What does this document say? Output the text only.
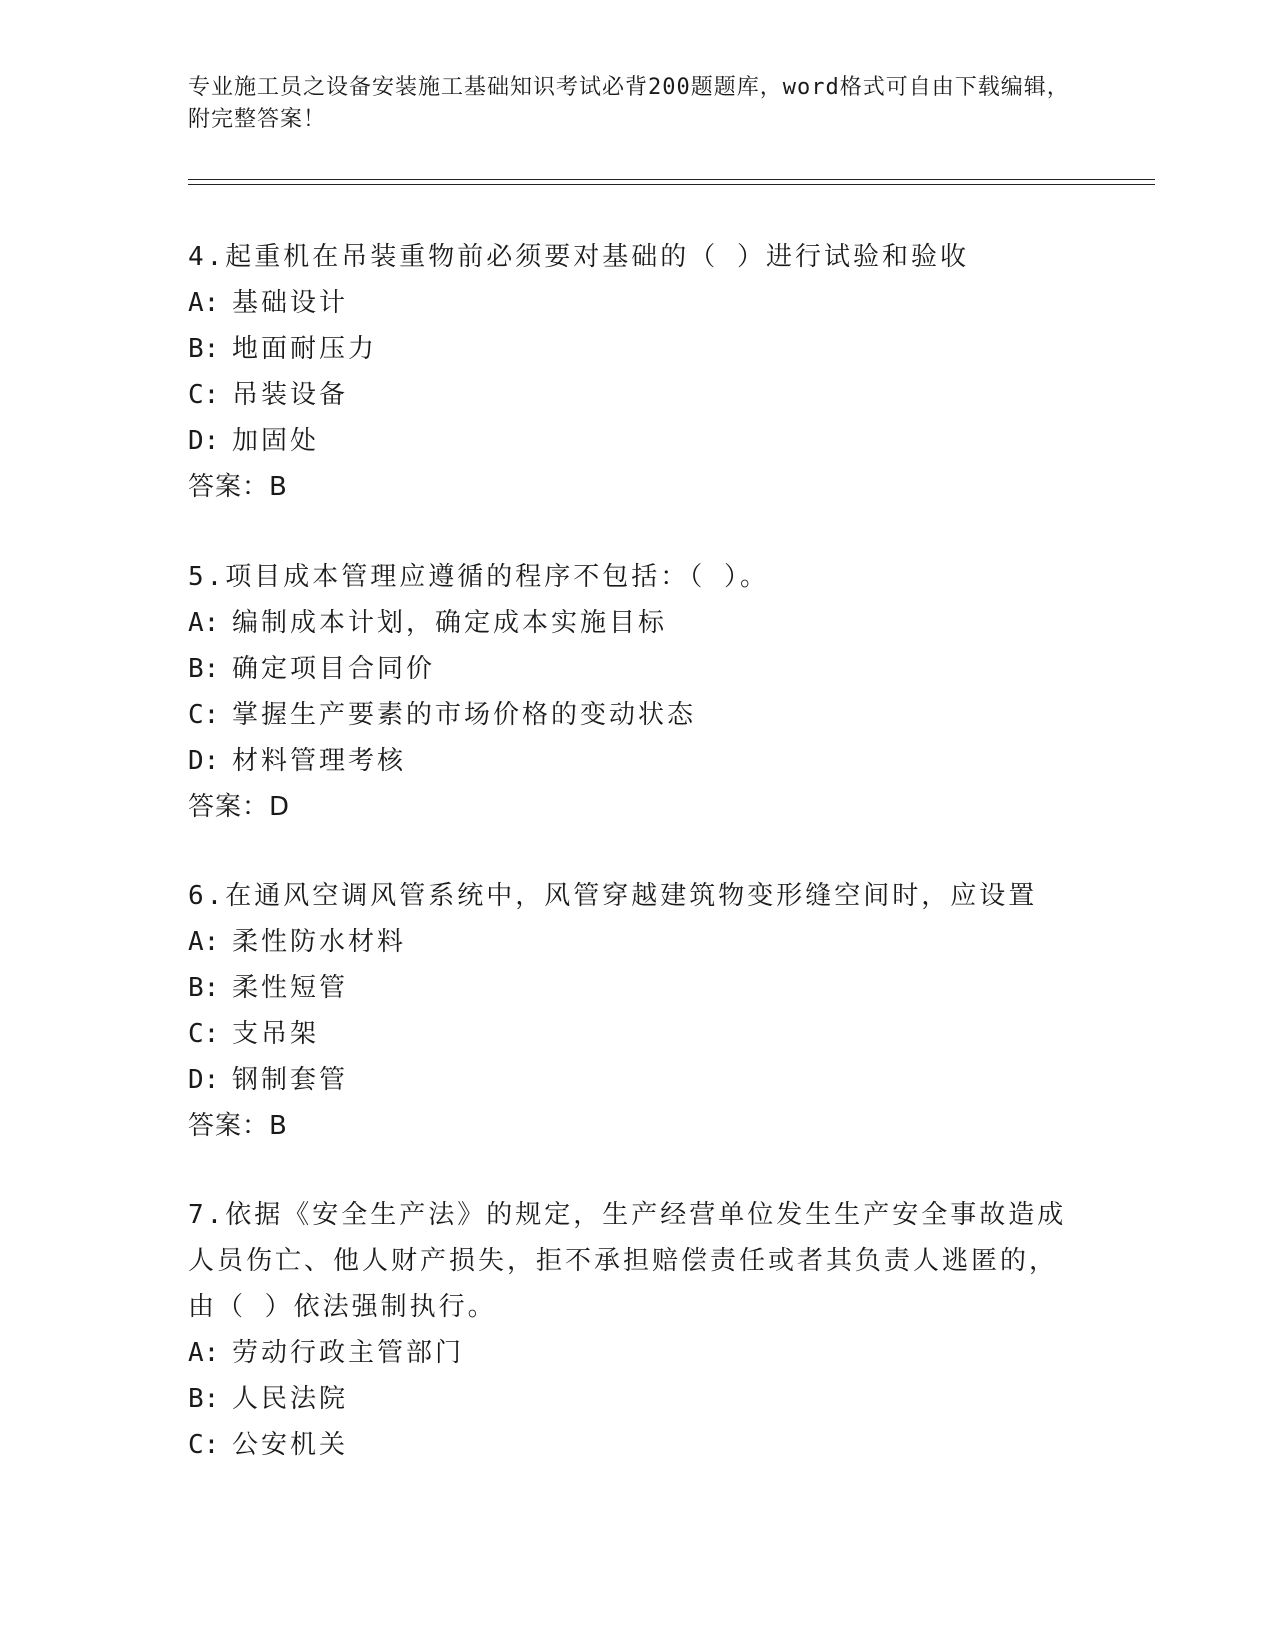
专业施工员之设备安装施工基础知识考试必背200题题库，word格式可自由下载编辑，附完整答案！
4.起重机在吊装重物前必须要对基础的（ ）进行试验和验收
A: 基础设计
B: 地面耐压力
C: 吊装设备
D: 加固处
答案：B
5.项目成本管理应遵循的程序不包括：（ ）。
A: 编制成本计划，确定成本实施目标
B: 确定项目合同价
C: 掌握生产要素的市场价格的变动状态
D: 材料管理考核
答案：D
6.在通风空调风管系统中，风管穿越建筑物变形缝空间时，应设置
A: 柔性防水材料
B: 柔性短管
C: 支吊架
D: 钢制套管
答案：B
7.依据《安全生产法》的规定，生产经营单位发生生产安全事故造成人员伤亡、他人财产损失，拒不承担赔偿责任或者其负责人逃匿的，由（ ）依法强制执行。
A: 劳动行政主管部门
B: 人民法院
C: 公安机关
